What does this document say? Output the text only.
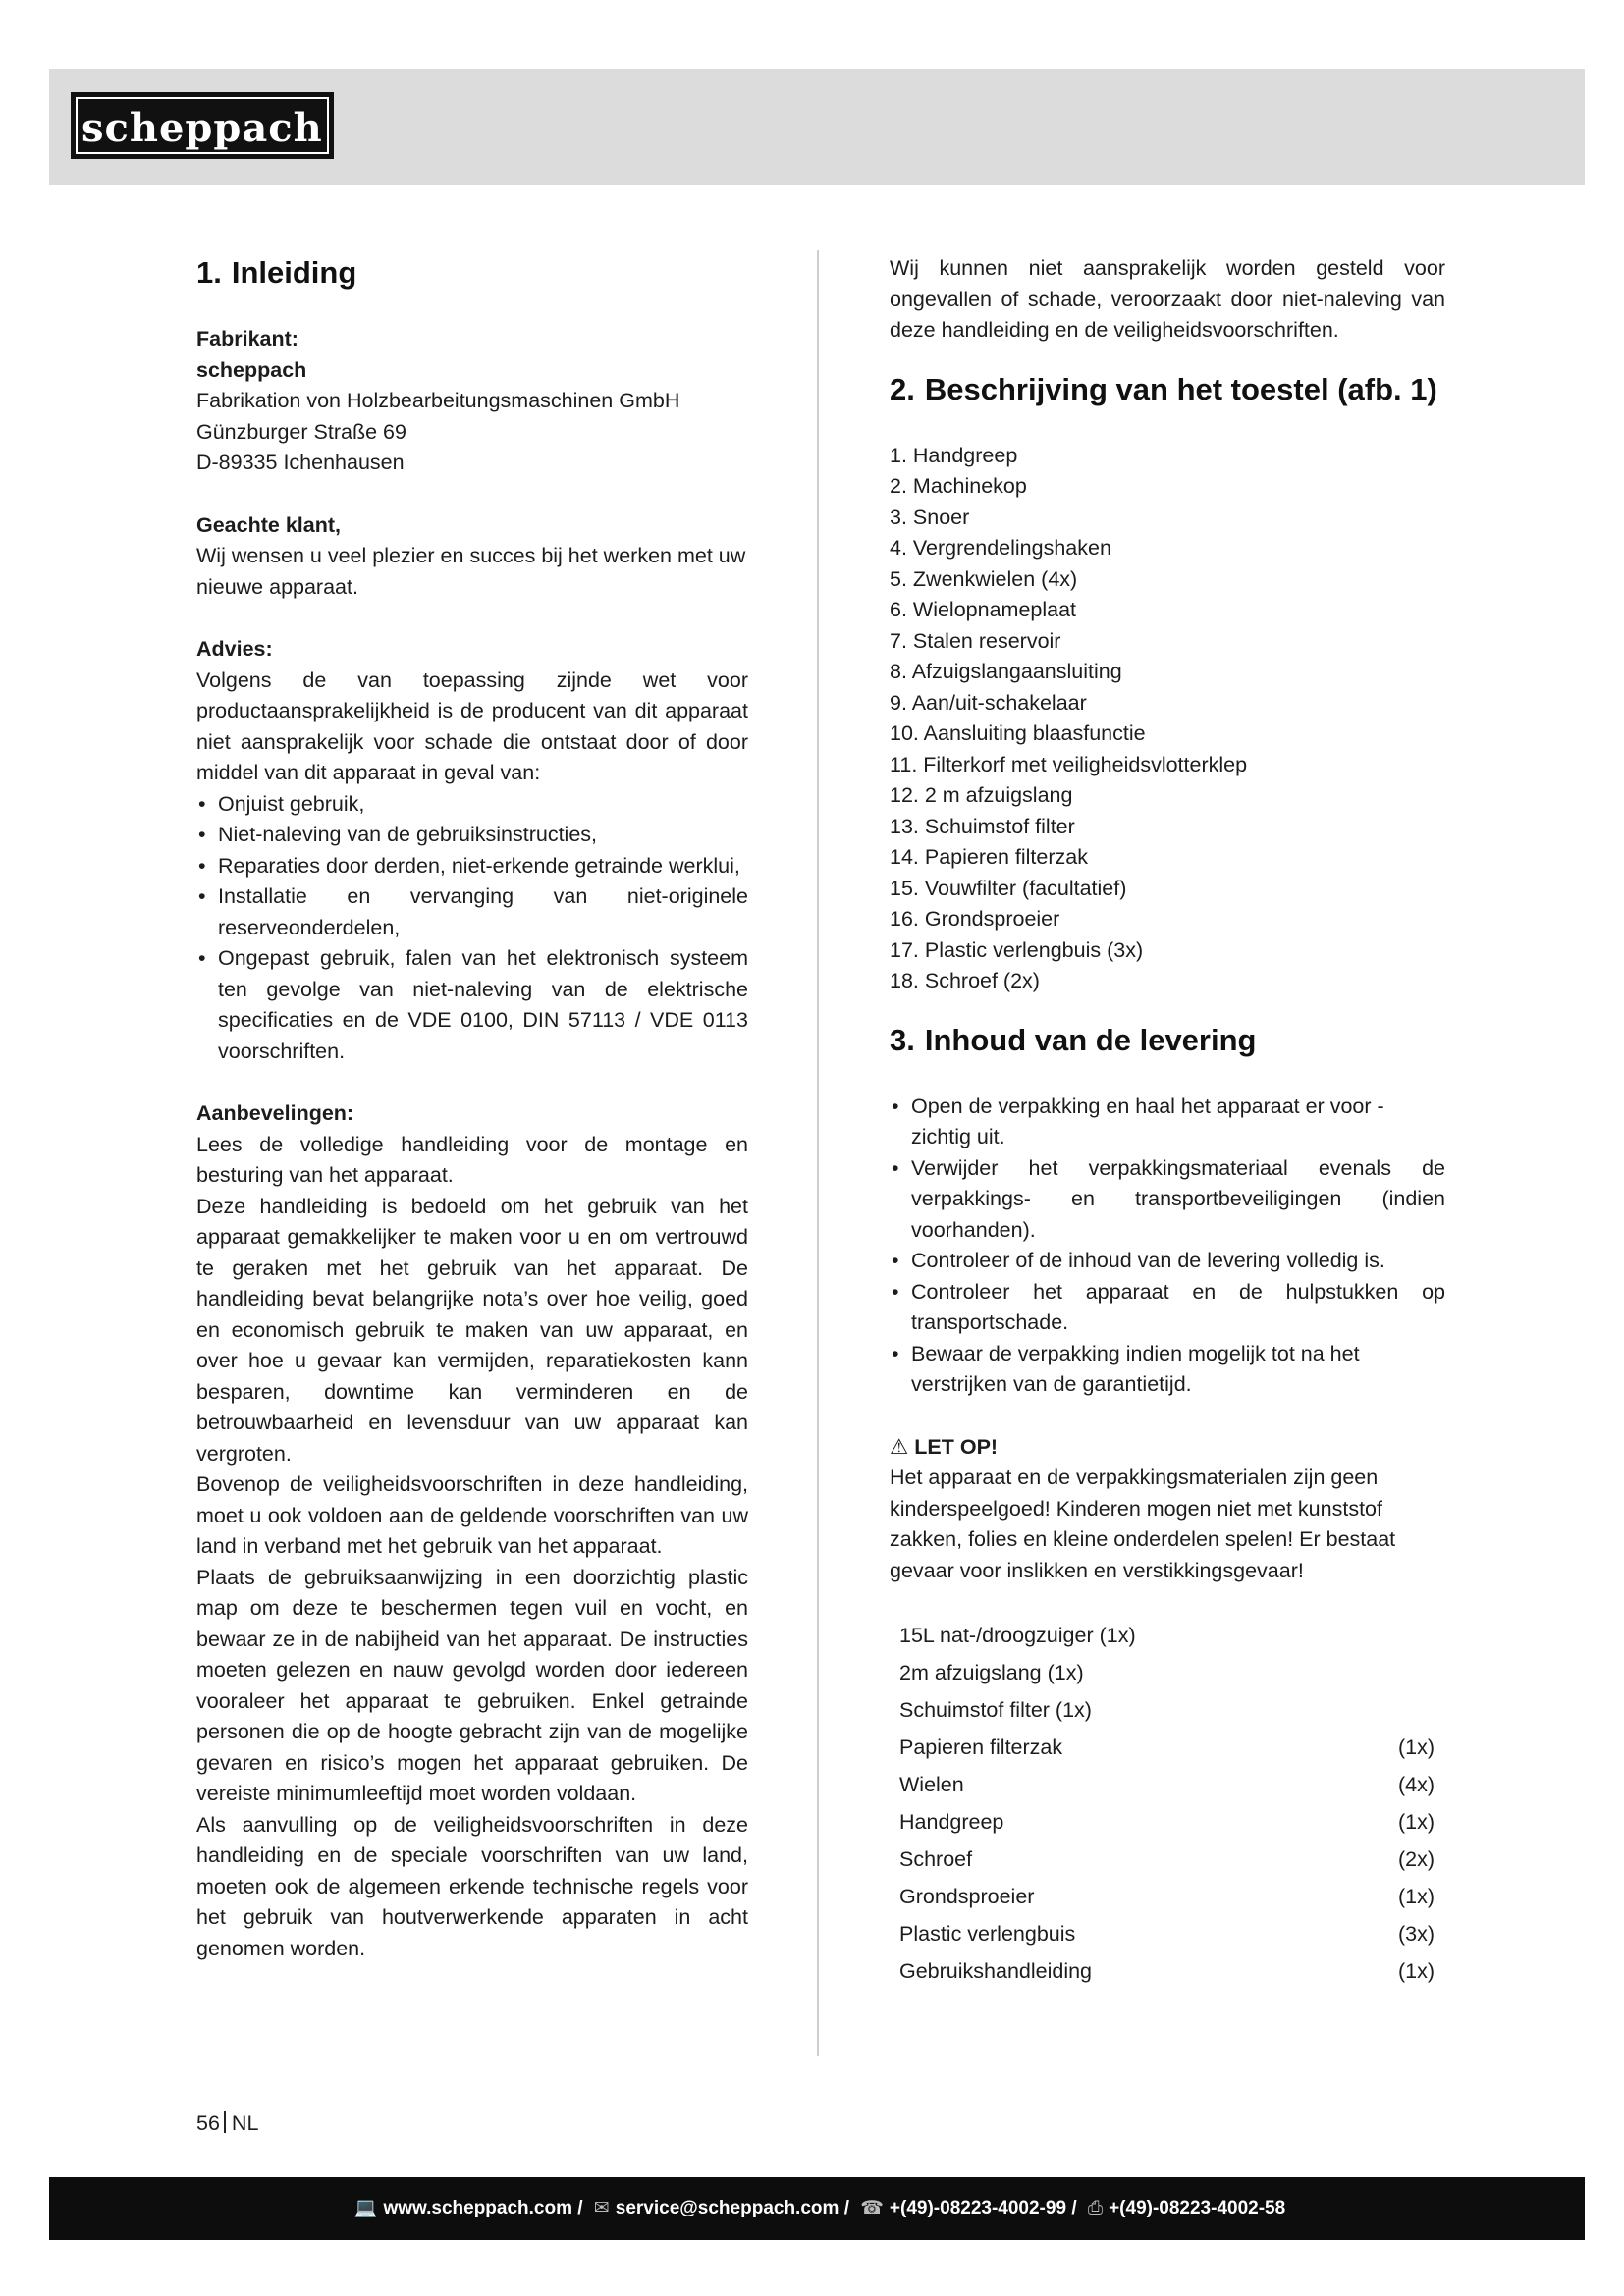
scheppach
1. Inleiding
Fabrikant:
scheppach
Fabrikation von Holzbearbeitungsmaschinen GmbH
Günzburger Straße 69
D-89335 Ichenhausen
Geachte klant,

Wij wensen u veel plezier en succes bij het werken met uw nieuwe apparaat.

Advies:

Volgens de van toepassing zijnde wet voor productaansprakelijkheid is de producent van dit apparaat niet aansprakelijk voor schade die ontstaat door of door middel van dit apparaat in geval van:

• Onjuist gebruik,
• Niet-naleving van de gebruiksinstructies,
• Reparaties door derden, niet-erkende getrainde werklui,
• Installatie en vervanging van niet-originele reserveonderdelen,
• Ongepast gebruik, falen van het elektronisch systeem ten gevolge van niet-naleving van de elektrische specificaties en de VDE 0100, DIN 57113 / VDE 0113 voorschriften.
Aanbevelingen:

Lees de volledige handleiding voor de montage en besturing van het apparaat.

Deze handleiding is bedoeld om het gebruik van het apparaat gemakkelijker te maken voor u en om vertrouwd te geraken met het gebruik van het apparaat. De handleiding bevat belangrijke nota’s over hoe veilig, goed en economisch gebruik te maken van uw apparaat, en over hoe u gevaar kan vermijden, reparatiekosten kann besparen, downtime kan verminderen en de betrouwbaarheid en levensduur van uw apparaat kan vergroten.

Bovenop de veiligheidsvoorschriften in deze handleiding, moet u ook voldoen aan de geldende voorschriften van uw land in verband met het gebruik van het apparaat.

Plaats de gebruiksaanwijzing in een doorzichtig plastic map om deze te beschermen tegen vuil en vocht, en bewaar ze in de nabijheid van het apparaat. De instructies moeten gelezen en nauw gevolgd worden door iedereen vooraleer het apparaat te gebruiken. Enkel getrainde personen die op de hoogte gebracht zijn van de mogelijke gevaren en risico’s mogen het apparaat gebruiken. De vereiste minimumleeftijd moet worden voldaan.

Als aanvulling op de veiligheidsvoorschriften in deze handleiding en de speciale voorschriften van uw land, moeten ook de algemeen erkende technische regels voor het gebruik van houtverwerkende apparaten in acht genomen worden.

Wij kunnen niet aansprakelijk worden gesteld voor ongevallen of schade, veroorzaakt door niet-naleving van deze handleiding en de veiligheidsvoorschriften.

2. Beschrijving van het toestel (afb. 1)
1. Handgreep
2. Machinekop
3. Snoer
4. Vergrendelingshaken
5. Zwenkwielen (4x)
6. Wielopnameplaat
7. Stalen reservoir
8. Afzuigslangaansluiting
9. Aan/uit-schakelaar
10. Aansluiting blaasfunctie
11. Filterkorf met veiligheidsvlotterklep
12. 2 m afzuigslang
13. Schuimstof filter
14. Papieren filterzak
15. Vouwfilter (facultatief)
16. Grondsproeier
17. Plastic verlengbuis (3x)
18. Schroef (2x)
3. Inhoud van de levering
• Open de verpakking en haal het apparaat er voor - zichtig uit.
• Verwijder het verpakkingsmateriaal evenals de verpakkings- en transportbeveiligingen (indien voorhanden).
• Controleer of de inhoud van de levering volledig is.
• Controleer het apparaat en de hulpstukken op transportschade.
• Bewaar de verpakking indien mogelijk tot na het verstrijken van de garantietijd.
⚠ LET OP!

Het apparaat en de verpakkingsmaterialen zijn geen kinderspeelgoed! Kinderen mogen niet met kunststof zakken, folies en kleine onderdelen spelen! Er bestaat gevaar voor inslikken en verstikkingsgevaar!

15L nat-/droogzuiger (1x)	
2m afzuigslang (1x)	
Schuimstof filter (1x)	
Papieren filterzak	(1x)
Wielen	(4x)
Handgreep	(1x)
Schroef	(2x)
Grondsproeier	(1x)
Plastic verlengbuis	(3x)
Gebruikshandleiding	(1x)
56 NL
💻 www.scheppach.com / ✉ service@scheppach.com / ☎ +(49)-08223-4002-99 / ⎙ +(49)-08223-4002-58
